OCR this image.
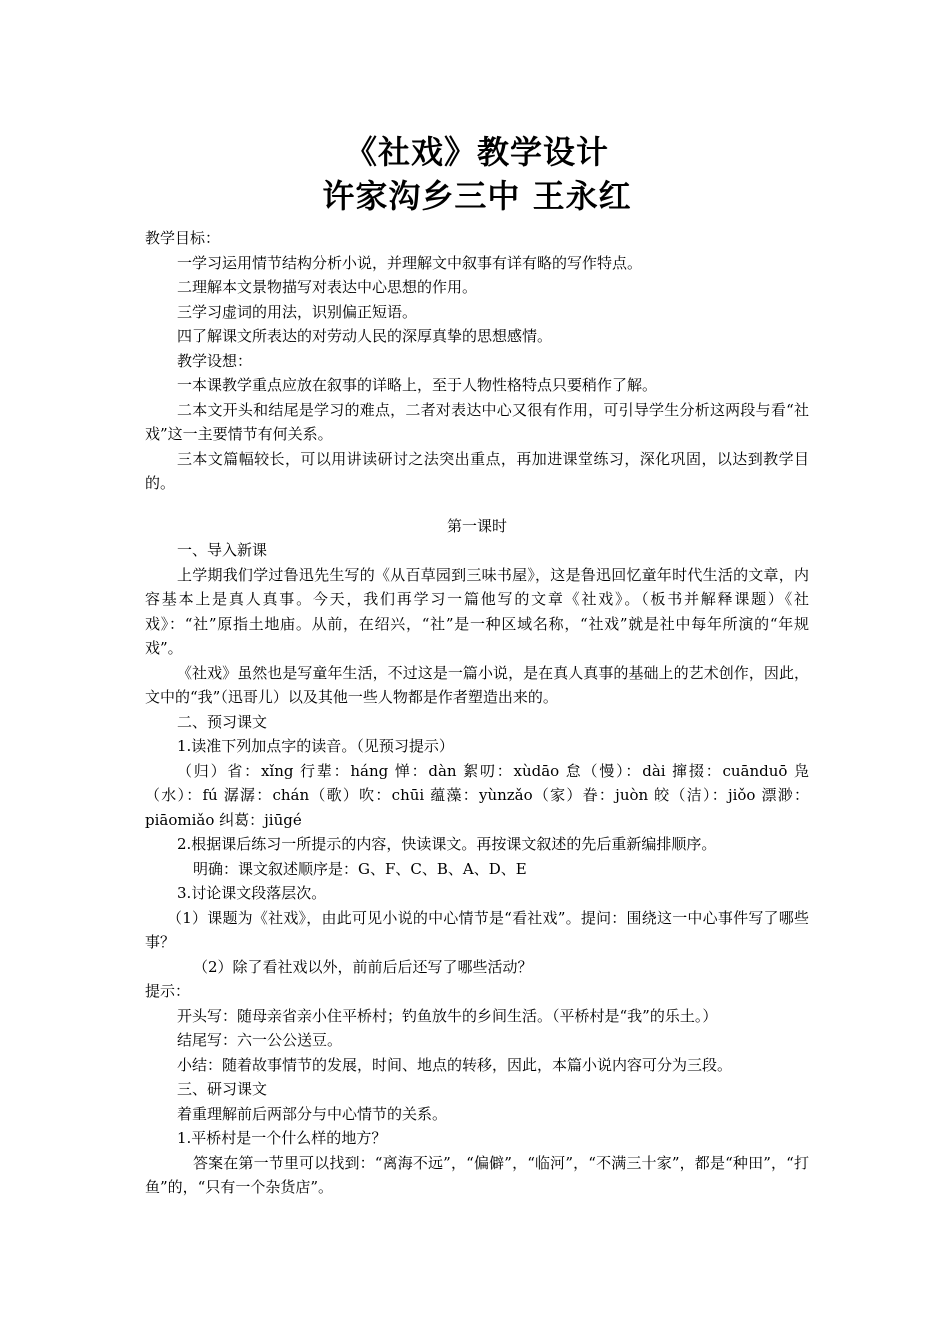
《社戏》教学设计
许家沟乡三中 王永红

教学目标：

一学习运用情节结构分析小说，并理解文中叙事有详有略的写作特点。

二理解本文景物描写对表达中心思想的作用。

三学习虚词的用法，识别偏正短语。

四了解课文所表达的对劳动人民的深厚真挚的思想感情。

教学设想：

一本课教学重点应放在叙事的详略上，至于人物性格特点只要稍作了解。

二本文开头和结尾是学习的难点，二者对表达中心又很有作用，可引导学生分析这两段与看“社戏”这一主要情节有何关系。

三本文篇幅较长，可以用讲读研讨之法突出重点，再加进课堂练习，深化巩固，以达到教学目的。

第一课时

一、导入新课

上学期我们学过鲁迅先生写的《从百草园到三味书屋》，这是鲁迅回忆童年时代生活的文章，内容基本上是真人真事。今天，我们再学习一篇他写的文章《社戏》。（板书并解释课题）《社戏》：“社”原指土地庙。从前，在绍兴，“社”是一种区域名称，“社戏”就是社中每年所演的“年规戏”。

《社戏》虽然也是写童年生活，不过这是一篇小说，是在真人真事的基础上的艺术创作，因此，文中的“我”（迅哥儿）以及其他一些人物都是作者塑造出来的。

二、预习课文

1.读准下列加点字的读音。（见预习提示）

（归）省：xǐng 行辈：háng 惮：dàn 絮叨：xùdāo 怠（慢）：dài 撺掇：cuānduō 凫（水）：fú 潺潺：chán（歌）吹：chūi 蕴藻：yùnzǎo（家）眷：juòn 皎（洁）：jiǒo 漂渺：piāomiǎo 纠葛：jiūgé

2.根据课后练习一所提示的内容，快读课文。再按课文叙述的先后重新编排顺序。

明确：课文叙述顺序是：G、F、C、B、A、D、E

3.讨论课文段落层次。

（1）课题为《社戏》，由此可见小说的中心情节是“看社戏”。提问：围绕这一中心事件写了哪些事？

（2）除了看社戏以外，前前后后还写了哪些活动？

提示：

开头写：随母亲省亲小住平桥村；钓鱼放牛的乡间生活。（平桥村是“我”的乐土。）

结尾写：六一公公送豆。

小结：随着故事情节的发展，时间、地点的转移，因此，本篇小说内容可分为三段。

三、研习课文

着重理解前后两部分与中心情节的关系。

1.平桥村是一个什么样的地方？

答案在第一节里可以找到：“离海不远”，“偏僻”，“临河”，“不满三十家”，都是“种田”，“打鱼”的，“只有一个杂货店”。
